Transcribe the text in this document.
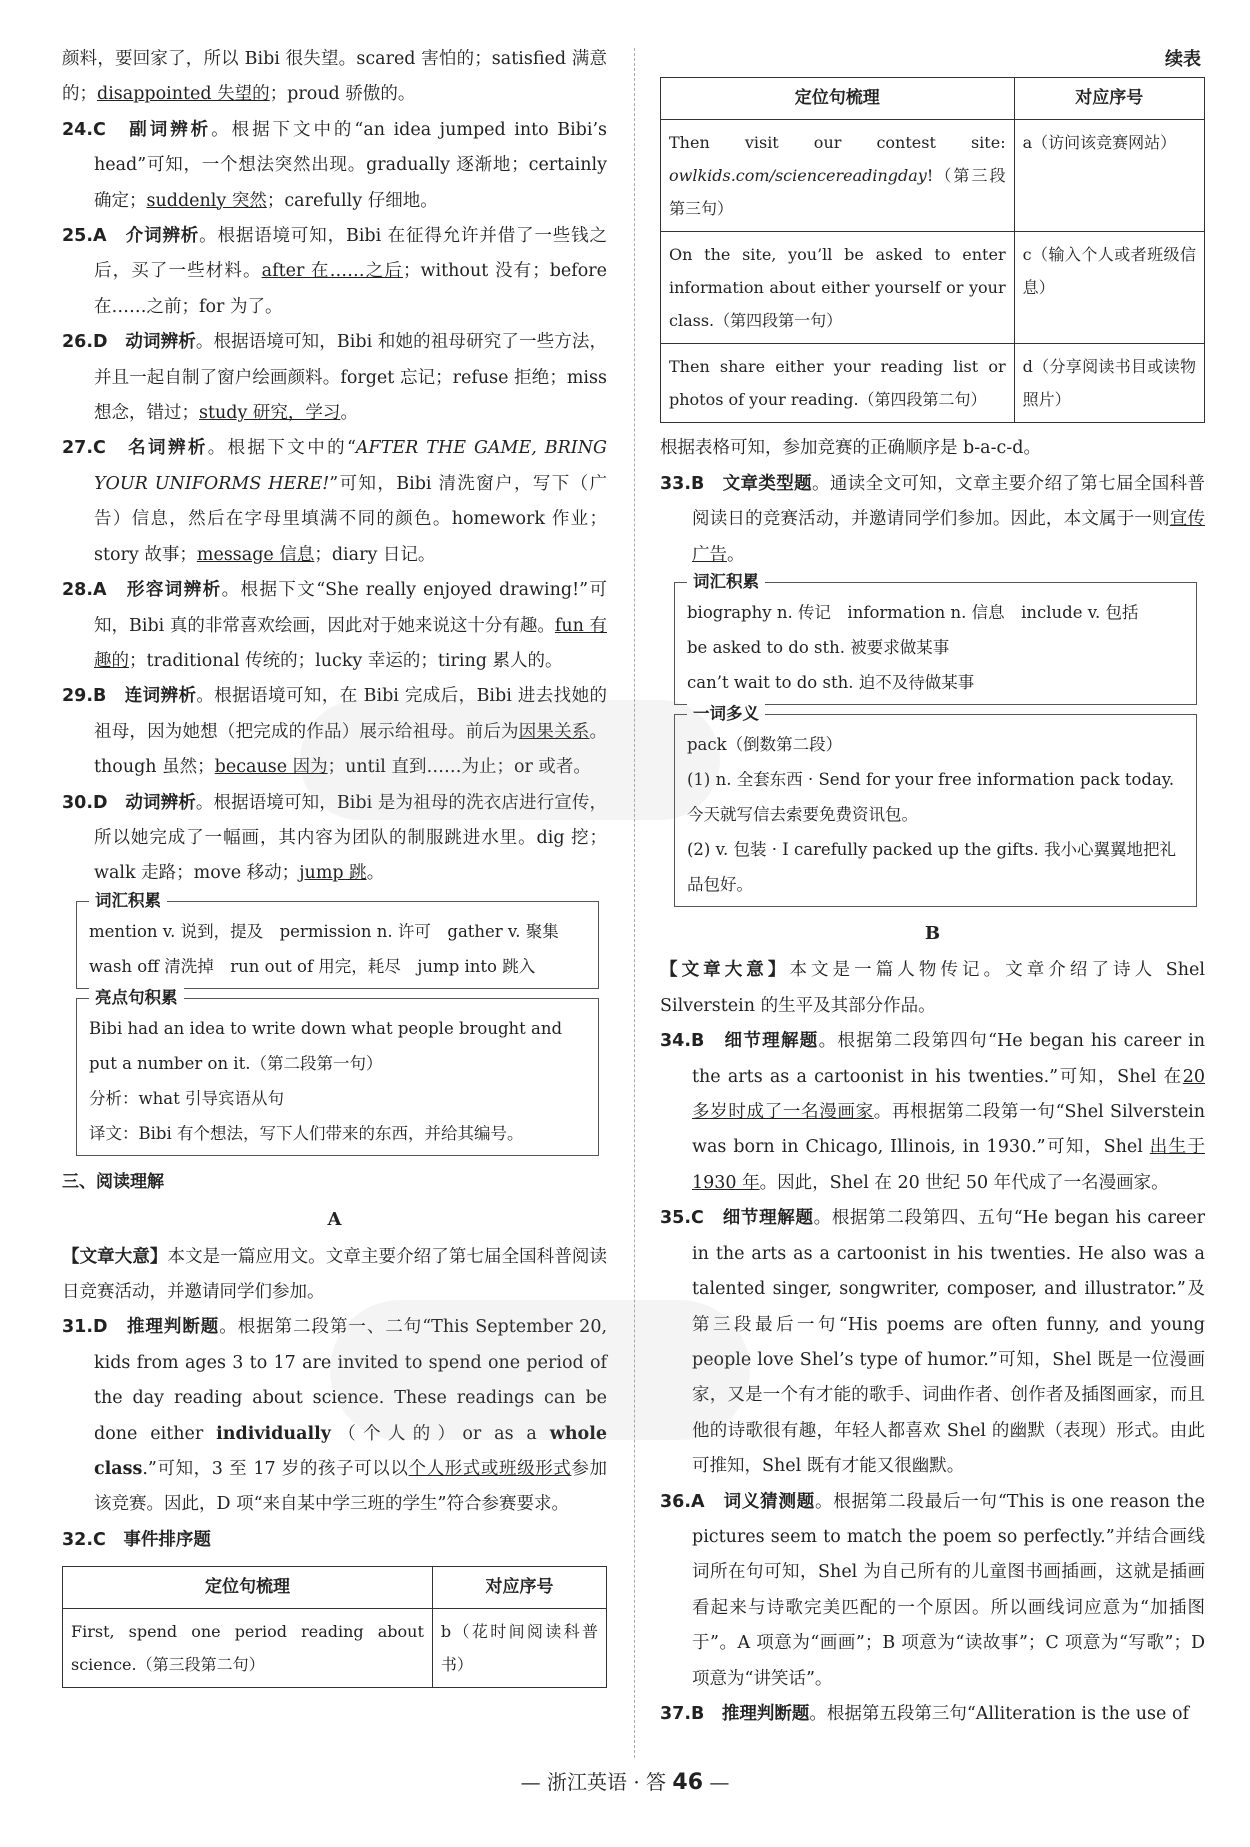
颜料，要回家了，所以 Bibi 很失望。scared 害怕的；satisfied 满意的；disappointed 失望的；proud 骄傲的。

24.C　 副词辨析。根据下文中的“an idea jumped into Bibi’s head”可知，一个想法突然出现。gradually 逐渐地；certainly 确定；suddenly 突然；carefully 仔细地。

25.A　 介词辨析。根据语境可知，Bibi 在征得允许并借了一些钱之后，买了一些材料。after 在……之后；without 没有；before 在……之前；for 为了。

26.D　 动词辨析。根据语境可知，Bibi 和她的祖母研究了一些方法，并且一起自制了窗户绘画颜料。forget 忘记；refuse 拒绝；miss 想念，错过；study 研究，学习。

27.C　 名词辨析。根据下文中的“AFTER THE GAME, BRING YOUR UNIFORMS HERE!”可知，Bibi 清洗窗户，写下（广告）信息，然后在字母里填满不同的颜色。homework 作业；story 故事；message 信息；diary 日记。

28.A　 形容词辨析。根据下文“She really enjoyed drawing!”可知，Bibi 真的非常喜欢绘画，因此对于她来说这十分有趣。fun 有趣的；traditional 传统的；lucky 幸运的；tiring 累人的。

29.B　 连词辨析。根据语境可知，在 Bibi 完成后，Bibi 进去找她的祖母，因为她想（把完成的作品）展示给祖母。前后为因果关系。though 虽然；because 因为；until 直到……为止；or 或者。

30.D　 动词辨析。根据语境可知，Bibi 是为祖母的洗衣店进行宣传，所以她完成了一幅画，其内容为团队的制服跳进水里。dig 挖；walk 走路；move 移动；jump 跳。

词汇积累
mention v. 说到，提及　permission n. 许可　gather v. 聚集
wash off 清洗掉　run out of 用完，耗尽　jump into 跳入
亮点句积累
Bibi had an idea to write down what people brought and put a number on it.（第二段第一句）
分析：what 引导宾语从句
译文：Bibi 有个想法，写下人们带来的东西，并给其编号。
三、阅读理解
A

【文章大意】本文是一篇应用文。文章主要介绍了第七届全国科普阅读日竞赛活动，并邀请同学们参加。

31.D　 推理判断题。根据第二段第一、二句“This September 20, kids from ages 3 to 17 are invited to spend one period of the day reading about science. These readings can be done either individually（个人的）or as a whole class.”可知，3 至 17 岁的孩子可以以个人形式或班级形式参加该竞赛。因此，D 项“来自某中学三班的学生”符合参赛要求。

32.C　 事件排序题

定位句梳理	对应序号
First, spend one period reading about science.（第三段第二句）	b（花时间阅读科普书）
续表
定位句梳理	对应序号
Then visit our contest site: owlkids.com/sciencereadingday!（第三段第三句）	a（访问该竞赛网站）
On the site, you’ll be asked to enter information about either yourself or your class.（第四段第一句）	c（输入个人或者班级信息）
Then share either your reading list or photos of your reading.（第四段第二句）	d（分享阅读书目或读物照片）

根据表格可知，参加竞赛的正确顺序是 b-a-c-d。

33.B　 文章类型题。通读全文可知，文章主要介绍了第七届全国科普阅读日的竞赛活动，并邀请同学们参加。因此，本文属于一则宣传广告。

词汇积累
biography n. 传记　information n. 信息　include v. 包括
be asked to do sth. 被要求做某事
can’t wait to do sth. 迫不及待做某事
一词多义
pack（倒数第二段）
(1) n. 全套东西 · Send for your free information pack today.
今天就写信去索要免费资讯包。
(2) v. 包装 · I carefully packed up the gifts. 我小心翼翼地把礼品包好。
B

【文章大意】本文是一篇人物传记。文章介绍了诗人 Shel Silverstein 的生平及其部分作品。

34.B　 细节理解题。根据第二段第四句“He began his career in the arts as a cartoonist in his twenties.”可知，Shel 在20 多岁时成了一名漫画家。再根据第二段第一句“Shel Silverstein was born in Chicago, Illinois, in 1930.”可知，Shel 出生于 1930 年。因此，Shel 在 20 世纪 50 年代成了一名漫画家。

35.C　 细节理解题。根据第二段第四、五句“He began his career in the arts as a cartoonist in his twenties. He also was a talented singer, songwriter, composer, and illustrator.”及第三段最后一句“His poems are often funny, and young people love Shel’s type of humor.”可知，Shel 既是一位漫画家，又是一个有才能的歌手、词曲作者、创作者及插图画家，而且他的诗歌很有趣，年轻人都喜欢 Shel 的幽默（表现）形式。由此可推知，Shel 既有才能又很幽默。

36.A　 词义猜测题。根据第二段最后一句“This is one reason the pictures seem to match the poem so perfectly.”并结合画线词所在句可知，Shel 为自己所有的儿童图书画插画，这就是插画看起来与诗歌完美匹配的一个原因。所以画线词应意为“加插图于”。A 项意为“画画”；B 项意为“读故事”；C 项意为“写歌”；D 项意为“讲笑话”。

37.B　 推理判断题。根据第五段第三句“Alliteration is the use of

— 浙江英语 · 答 46 —
